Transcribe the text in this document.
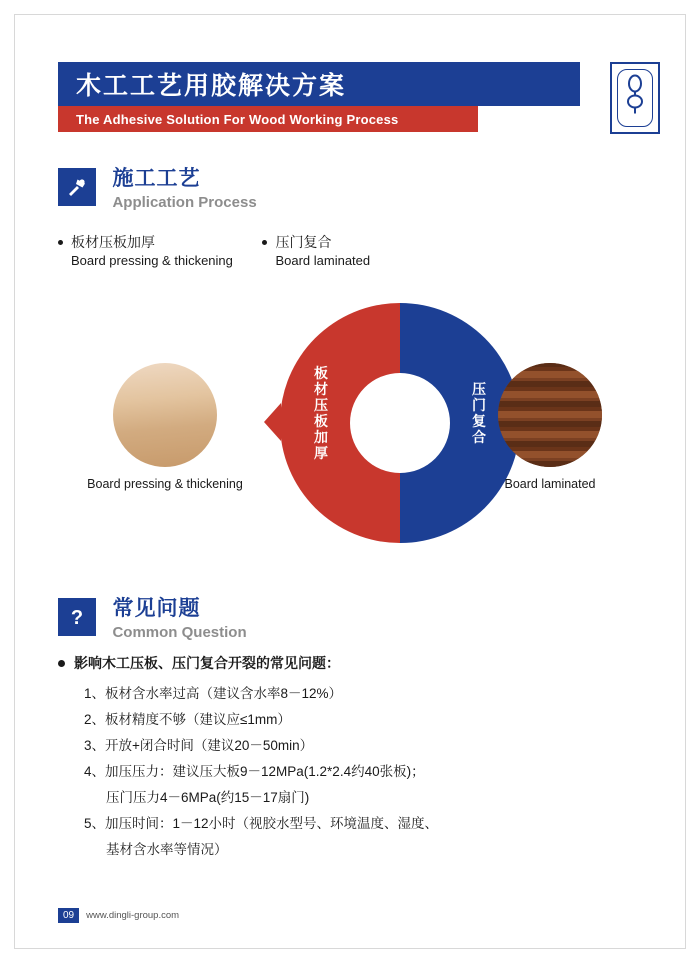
木工工艺用胶解决方案
The Adhesive Solution For Wood Working Process

施工工艺
Application Process
板材压板加厚
Board pressing & thickening

压门复合
Board laminated
Board pressing & thickening
板材压板加厚
压门复合
Board laminated
?
常见问题
Common Question
影响木工压板、压门复合开裂的常见问题：
1、板材含水率过高（建议含水率8－12%）
2、板材精度不够（建议应≤1mm）
3、开放+闭合时间（建议20－50min）
4、加压压力：建议压大板9－12MPa(1.2*2.4约40张板)；
压门压力4－6MPa(约15－17扇门)
5、加压时间：1－12小时（视胶水型号、环境温度、湿度、
基材含水率等情况）
09	www.dingli-group.com
